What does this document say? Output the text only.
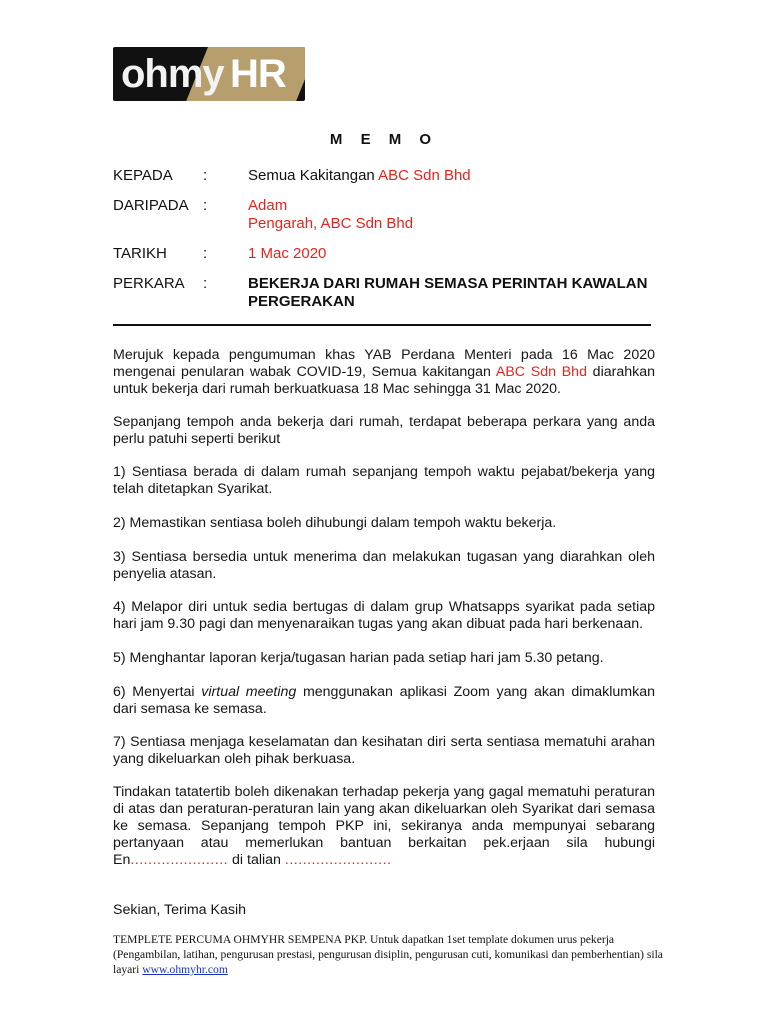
ohmy HR
M E M O
KEPADA	:	Semua Kakitangan ABC Sdn Bhd
DARIPADA :	Adam
Pengarah, ABC Sdn Bhd
TARIKH	:	1 Mac 2020
PERKARA	:	BEKERJA DARI RUMAH SEMASA PERINTAH KAWALAN
PERGERAKAN
Merujuk kepada pengumuman khas YAB Perdana Menteri pada 16 Mac 2020 mengenai penularan wabak COVID-19, Semua kakitangan ABC Sdn Bhd diarahkan untuk bekerja dari rumah berkuatkuasa 18 Mac sehingga 31 Mac 2020.
Sepanjang tempoh anda bekerja dari rumah, terdapat beberapa perkara yang anda perlu patuhi seperti berikut
1) Sentiasa berada di dalam rumah sepanjang tempoh waktu pejabat/bekerja yang telah ditetapkan Syarikat.
2) Memastikan sentiasa boleh dihubungi dalam tempoh waktu bekerja.
3) Sentiasa bersedia untuk menerima dan melakukan tugasan yang diarahkan oleh penyelia atasan.
4) Melapor diri untuk sedia bertugas di dalam grup Whatsapps syarikat pada setiap hari jam 9.30 pagi dan menyenaraikan tugas yang akan dibuat pada hari berkenaan.
5) Menghantar laporan kerja/tugasan harian pada setiap hari jam 5.30 petang.
6) Menyertai virtual meeting menggunakan aplikasi Zoom yang akan dimaklumkan dari semasa ke semasa.
7) Sentiasa menjaga keselamatan dan kesihatan diri serta sentiasa mematuhi arahan yang dikeluarkan oleh pihak berkuasa.
Tindakan tatatertib boleh dikenakan terhadap pekerja yang gagal mematuhi peraturan di atas dan peraturan-peraturan lain yang akan dikeluarkan oleh Syarikat dari semasa ke semasa. Sepanjang tempoh PKP ini, sekiranya anda mempunyai sebarang pertanyaan atau memerlukan bantuan berkaitan pek.erjaan sila hubungi En...................... di talian ........................
Sekian, Terima Kasih
TEMPLETE PERCUMA OHMYHR SEMPENA PKP. Untuk dapatkan 1set template dokumen urus pekerja (Pengambilan, latihan, pengurusan prestasi, pengurusan disiplin, pengurusan cuti, komunikasi dan pemberhentian) sila layari www.ohmyhr.com
